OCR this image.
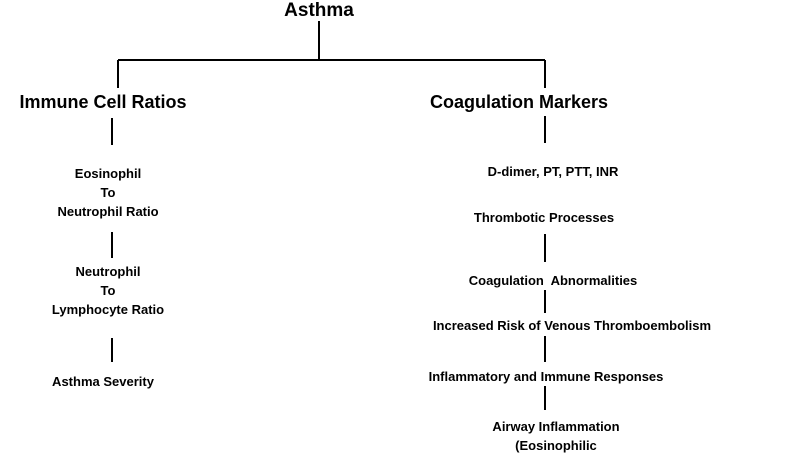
Asthma
Immune Cell Ratios	Coagulation Markers
Eosinophil
To
Neutrophil Ratio
Neutrophil
To
Lymphocyte Ratio
Asthma Severity
D-dimer, PT, PTT, INR
Thrombotic Processes
Coagulation  Abnormalities
Increased Risk of Venous Thromboembolism
Inflammatory and Immune Responses
Airway Inflammation
(Eosinophilic
